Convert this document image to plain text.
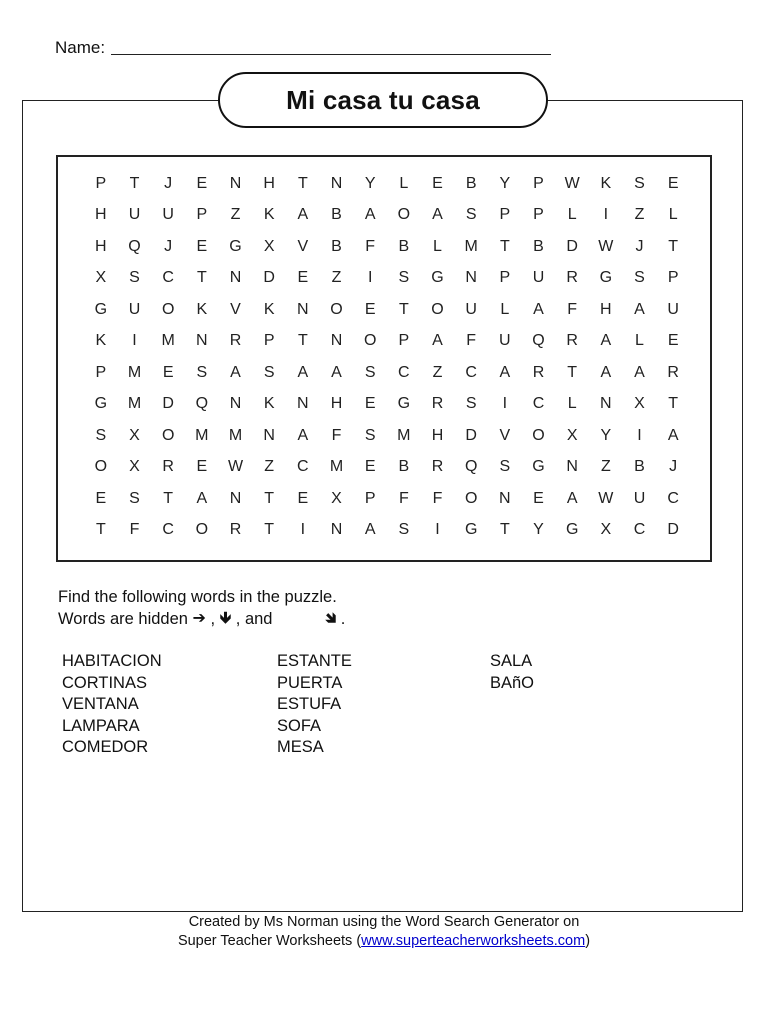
Name:
Mi casa tu casa
P	T	J	E	N	H	T	N	Y	L	E	B	Y	P	W	K	S	E
H	U	U	P	Z	K	A	B	A	O	A	S	P	P	L	I	Z	L
H	Q	J	E	G	X	V	B	F	B	L	M	T	B	D	W	J	T
X	S	C	T	N	D	E	Z	I	S	G	N	P	U	R	G	S	P
G	U	O	K	V	K	N	O	E	T	O	U	L	A	F	H	A	U
K	I	M	N	R	P	T	N	O	P	A	F	U	Q	R	A	L	E
P	M	E	S	A	S	A	A	S	C	Z	C	A	R	T	A	A	R
G	M	D	Q	N	K	N	H	E	G	R	S	I	C	L	N	X	T
S	X	O	M	M	N	A	F	S	M	H	D	V	O	X	Y	I	A
O	X	R	E	W	Z	C	M	E	B	R	Q	S	G	N	Z	B	J
E	S	T	A	N	T	E	X	P	F	F	O	N	E	A	W	U	C
T	F	C	O	R	T	I	N	A	S	I	G	T	Y	G	X	C	D
Find the following words in the puzzle.
Words are hidden ➔ , 🡻 , and	🡾 .
HABITACION
CORTINAS
VENTANA
LAMPARA
COMEDOR
ESTANTE
PUERTA
ESTUFA
SOFA
MESA
SALA
BAñO
Created by Ms Norman using the Word Search Generator on
Super Teacher Worksheets (www.superteacherworksheets.com)
